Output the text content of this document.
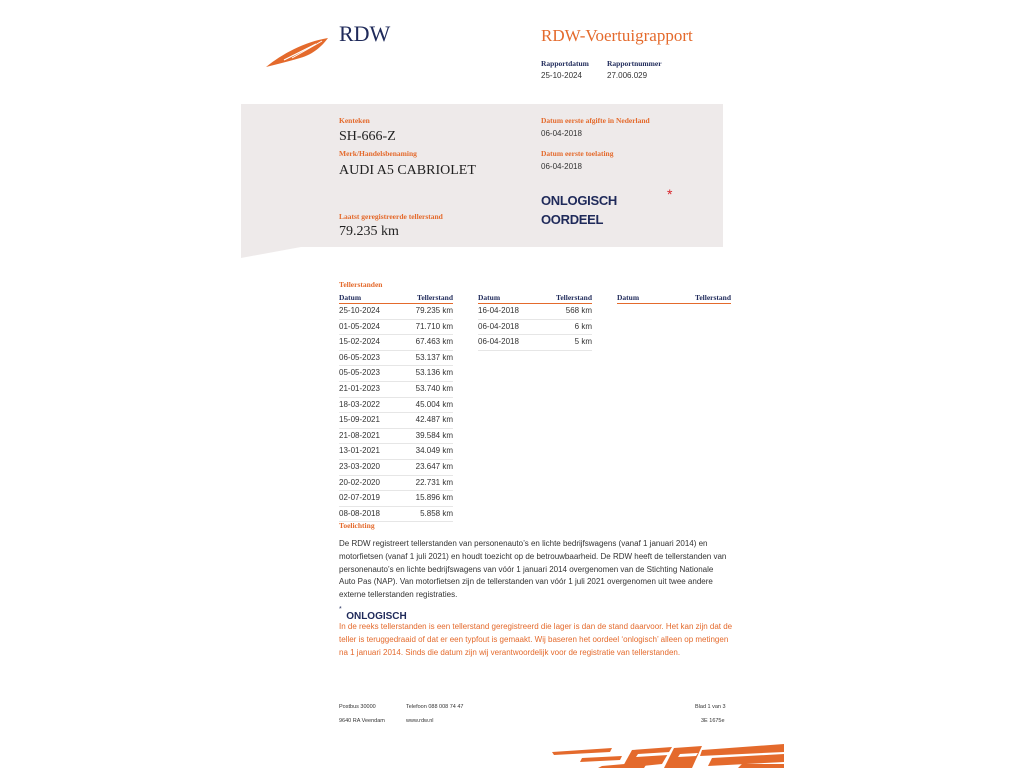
RDW	RDW-Voertuigrapport
Rapportdatum
25-10-2024
Rapportnummer
27.006.029
Kenteken
SH-666-Z
Merk/Handelsbenaming
AUDI A5 CABRIOLET
Laatst geregistreerde tellerstand
79.235 km
Datum eerste afgifte in Nederland
06-04-2018
Datum eerste toelating
06-04-2018
ONLOGISCH
OORDEEL
*
Tellerstanden
Datum	Tellerstand
25-10-2024	79.235 km
01-05-2024	71.710 km
15-02-2024	67.463 km
06-05-2023	53.137 km
05-05-2023	53.136 km
21-01-2023	53.740 km
18-03-2022	45.004 km
15-09-2021	42.487 km
21-08-2021	39.584 km
13-01-2021	34.049 km
23-03-2020	23.647 km
20-02-2020	22.731 km
02-07-2019	15.896 km
08-08-2018	5.858 km
Datum	Tellerstand
16-04-2018	568 km
06-04-2018	6 km
06-04-2018	5 km
Datum	Tellerstand
Toelichting
De RDW registreert tellerstanden van personenauto’s en lichte bedrijfswagens (vanaf 1 januari 2014) en motorfietsen (vanaf 1 juli 2021) en houdt toezicht op de betrouwbaarheid. De RDW heeft de tellerstanden van personenauto’s en lichte bedrijfswagens van vóór 1 januari 2014 overgenomen van de Stichting Nationale Auto Pas (NAP). Van motorfietsen zijn de tellerstanden van vóór 1 juli 2021 overgenomen uit twee andere externe tellerstanden registraties.
* ONLOGISCH
In de reeks tellerstanden is een tellerstand geregistreerd die lager is dan de stand daarvoor. Het kan zijn dat de teller is teruggedraaid of dat er een typfout is gemaakt. Wij baseren het oordeel ‘onlogisch’ alleen op metingen na 1 januari 2014. Sinds die datum zijn wij verantwoordelijk voor de registratie van tellerstanden.
Postbus 30000
9640 RA Veendam
Telefoon 088 008 74 47
www.rdw.nl
Blad 1 van 3
3E 1675e
